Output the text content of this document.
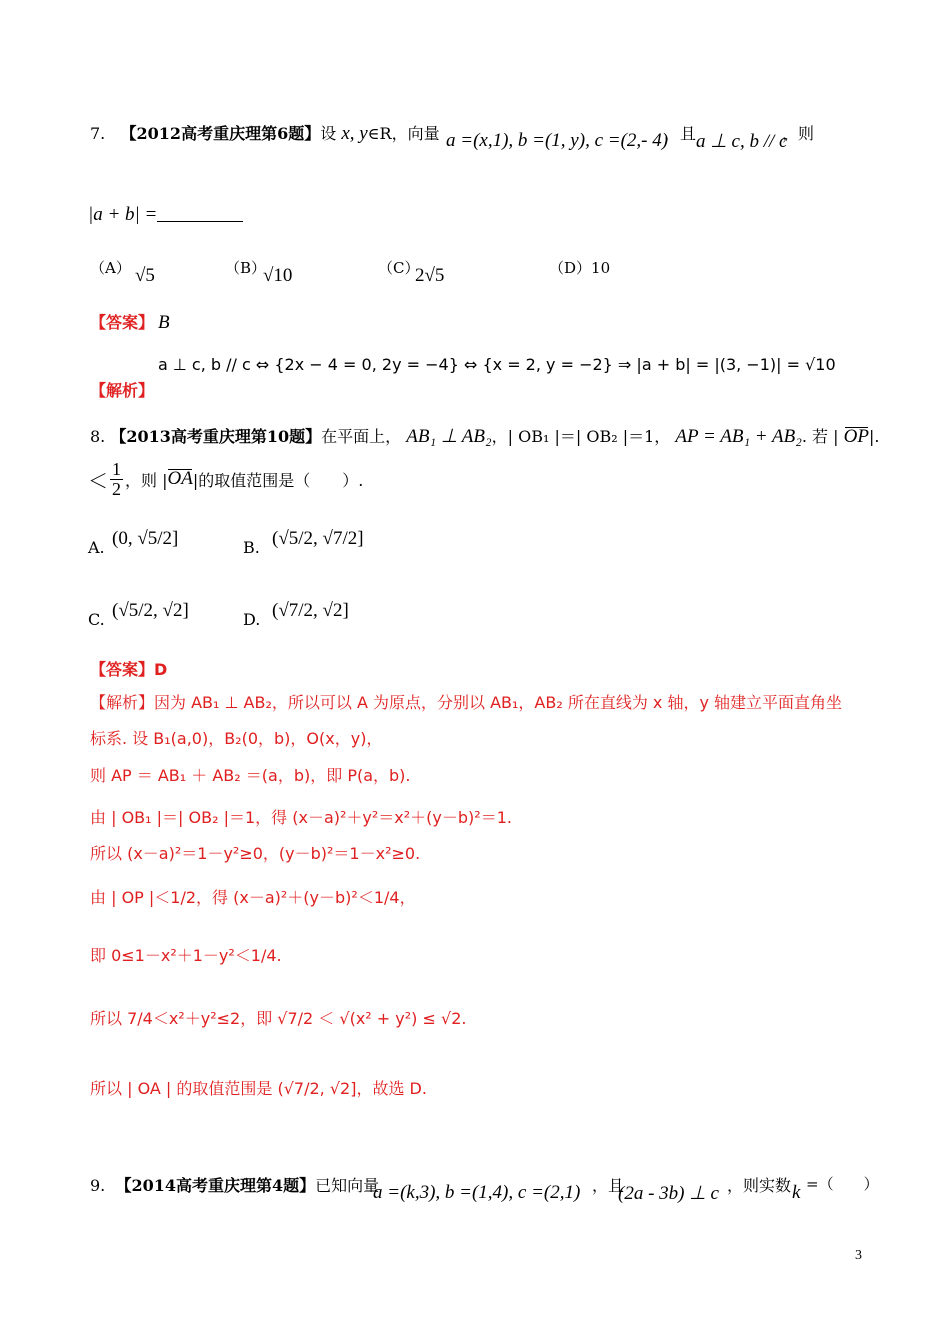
7. 【2012高考重庆理第6题】设 x, y∈R，向量 a =(x,1), b =(1, y), c =(2,- 4)
，且 a ⊥ c, b // c
，则
|a + b| =
（A） √5	（B）
√10	（C）
2√5	（D）10
【答案】 B
【解析】
a ⊥ c, b // c ⇔ {2x − 4 = 0, 2y = −4} ⇔ {x = 2, y = −2} ⇒ |a + b| = |(3, −1)| = √10
8. 【2013高考重庆理第10题】在平面上， AB₁ ⊥ AB₂，| OB₁ |＝| OB₂ |＝1， AP = AB₁ + AB₂. 若 | OP|.
＜ $\frac{1}{2}$ ，则 | OA |的取值范围是（　　）.
A. (0, √5/2]	B. (√5/2, √7/2]
C. (√5/2, √2]	D. (√7/2, √2]
【答案】D
【解析】因为 AB₁ ⊥ AB₂，所以可以 A 为原点，分别以 AB₁，AB₂ 所在直线为 x 轴，y 轴建立平面直角坐
标系. 设 B₁(a,0)，B₂(0，b)，O(x，y)，
则 AP ＝ AB₁ ＋ AB₂ ＝(a，b)，即 P(a，b).
由 | OB₁ |＝| OB₂ |＝1，得 (x－a)²＋y²＝x²＋(y－b)²＝1.
所以 (x－a)²＝1－y²≥0，(y－b)²＝1－x²≥0.
由 | OP |＜1/2，得 (x－a)²＋(y－b)²＜1/4，
即 0≤1－x²＋1－y²＜1/4.
所以 7/4＜x²＋y²≤2，即 √7/2 ＜ √(x² + y²) ≤ √2.
所以 | OA | 的取值范围是 (√7/2, √2]，故选 D.
9. 【2014高考重庆理第4题】已知向量
a =(k,3), b =(1,4), c =(2,1) ，且
(2a - 3b) ⊥ c ，则实数 k =（　　）
3
